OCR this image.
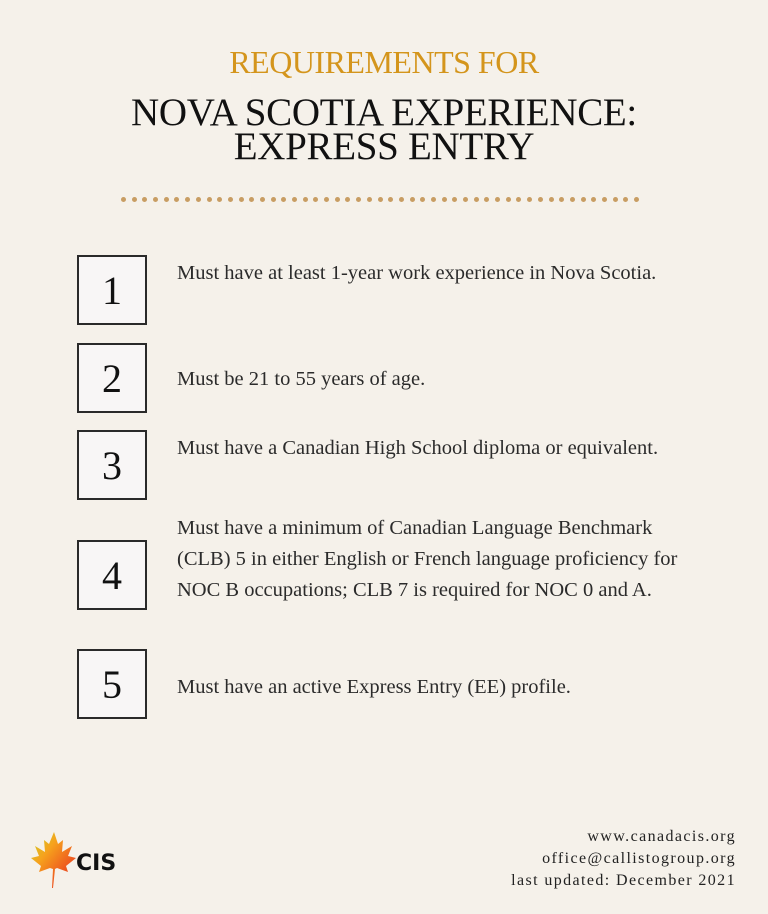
REQUIREMENTS FOR
NOVA SCOTIA EXPERIENCE:
EXPRESS ENTRY
1	Must have at least 1-year work experience in Nova Scotia.
2	Must be 21 to 55 years of age.
3	Must have a Canadian High School diploma or equivalent.
4
Must have a minimum of Canadian Language Benchmark (CLB) 5 in either English or French language proficiency for NOC B occupations; CLB 7 is required for NOC 0 and A.
5	Must have an active Express Entry (EE) profile.
CIS
www.canadacis.org
office@callistogroup.org
last updated: December 2021
